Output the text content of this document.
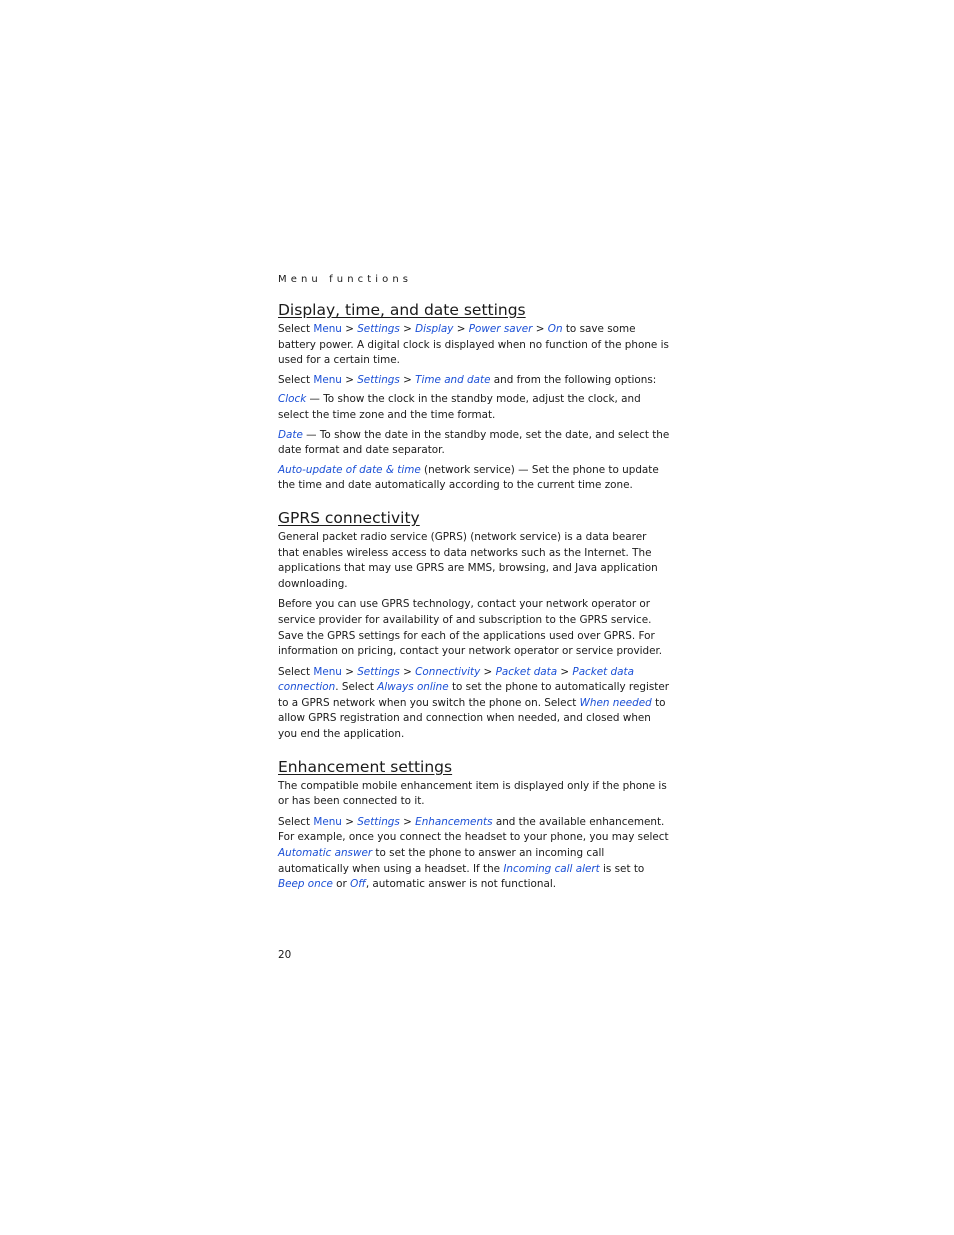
Menu functions
Display, time, and date settings

Select Menu > Settings > Display > Power saver > On to save some battery power. A digital clock is displayed when no function of the phone is used for a certain time.

Select Menu > Settings > Time and date and from the following options:

Clock — To show the clock in the standby mode, adjust the clock, and select the time zone and the time format.

Date — To show the date in the standby mode, set the date, and select the date format and date separator.

Auto-update of date & time (network service) — Set the phone to update the time and date automatically according to the current time zone.

GPRS connectivity

General packet radio service (GPRS) (network service) is a data bearer that enables wireless access to data networks such as the Internet. The applications that may use GPRS are MMS, browsing, and Java application downloading.

Before you can use GPRS technology, contact your network operator or service provider for availability of and subscription to the GPRS service. Save the GPRS settings for each of the applications used over GPRS. For information on pricing, contact your network operator or service provider.

Select Menu > Settings > Connectivity > Packet data > Packet data connection. Select Always online to set the phone to automatically register to a GPRS network when you switch the phone on. Select When needed to allow GPRS registration and connection when needed, and closed when you end the application.

Enhancement settings

The compatible mobile enhancement item is displayed only if the phone is or has been connected to it.

Select Menu > Settings > Enhancements and the available enhancement. For example, once you connect the headset to your phone, you may select Automatic answer to set the phone to answer an incoming call automatically when using a headset. If the Incoming call alert is set to Beep once or Off, automatic answer is not functional.

20
